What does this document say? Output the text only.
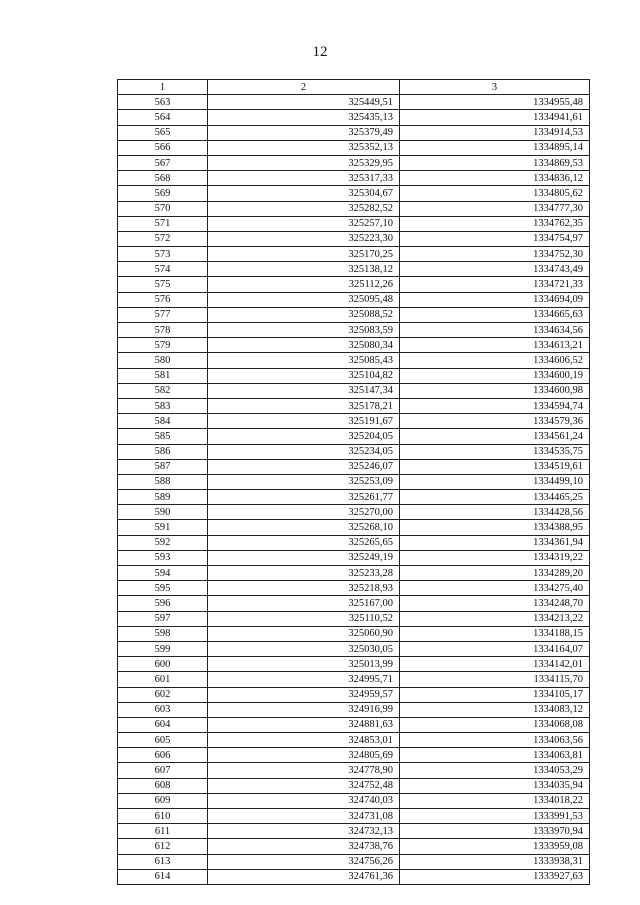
12
1	2	3
563	325449,51	1334955,48
564	325435,13	1334941,61
565	325379,49	1334914,53
566	325352,13	1334895,14
567	325329,95	1334869,53
568	325317,33	1334836,12
569	325304,67	1334805,62
570	325282,52	1334777,30
571	325257,10	1334762,35
572	325223,30	1334754,97
573	325170,25	1334752,30
574	325138,12	1334743,49
575	325112,26	1334721,33
576	325095,48	1334694,09
577	325088,52	1334665,63
578	325083,59	1334634,56
579	325080,34	1334613,21
580	325085,43	1334606,52
581	325104,82	1334600,19
582	325147,34	1334600,98
583	325178,21	1334594,74
584	325191,67	1334579,36
585	325204,05	1334561,24
586	325234,05	1334535,75
587	325246,07	1334519,61
588	325253,09	1334499,10
589	325261,77	1334465,25
590	325270,00	1334428,56
591	325268,10	1334388,95
592	325265,65	1334361,94
593	325249,19	1334319,22
594	325233,28	1334289,20
595	325218,93	1334275,40
596	325167,00	1334248,70
597	325110,52	1334213,22
598	325060,90	1334188,15
599	325030,05	1334164,07
600	325013,99	1334142,01
601	324995,71	1334115,70
602	324959,57	1334105,17
603	324916,99	1334083,12
604	324881,63	1334068,08
605	324853,01	1334063,56
606	324805,69	1334063,81
607	324778,90	1334053,29
608	324752,48	1334035,94
609	324740,03	1334018,22
610	324731,08	1333991,53
611	324732,13	1333970,94
612	324738,76	1333959,08
613	324756,26	1333938,31
614	324761,36	1333927,63
